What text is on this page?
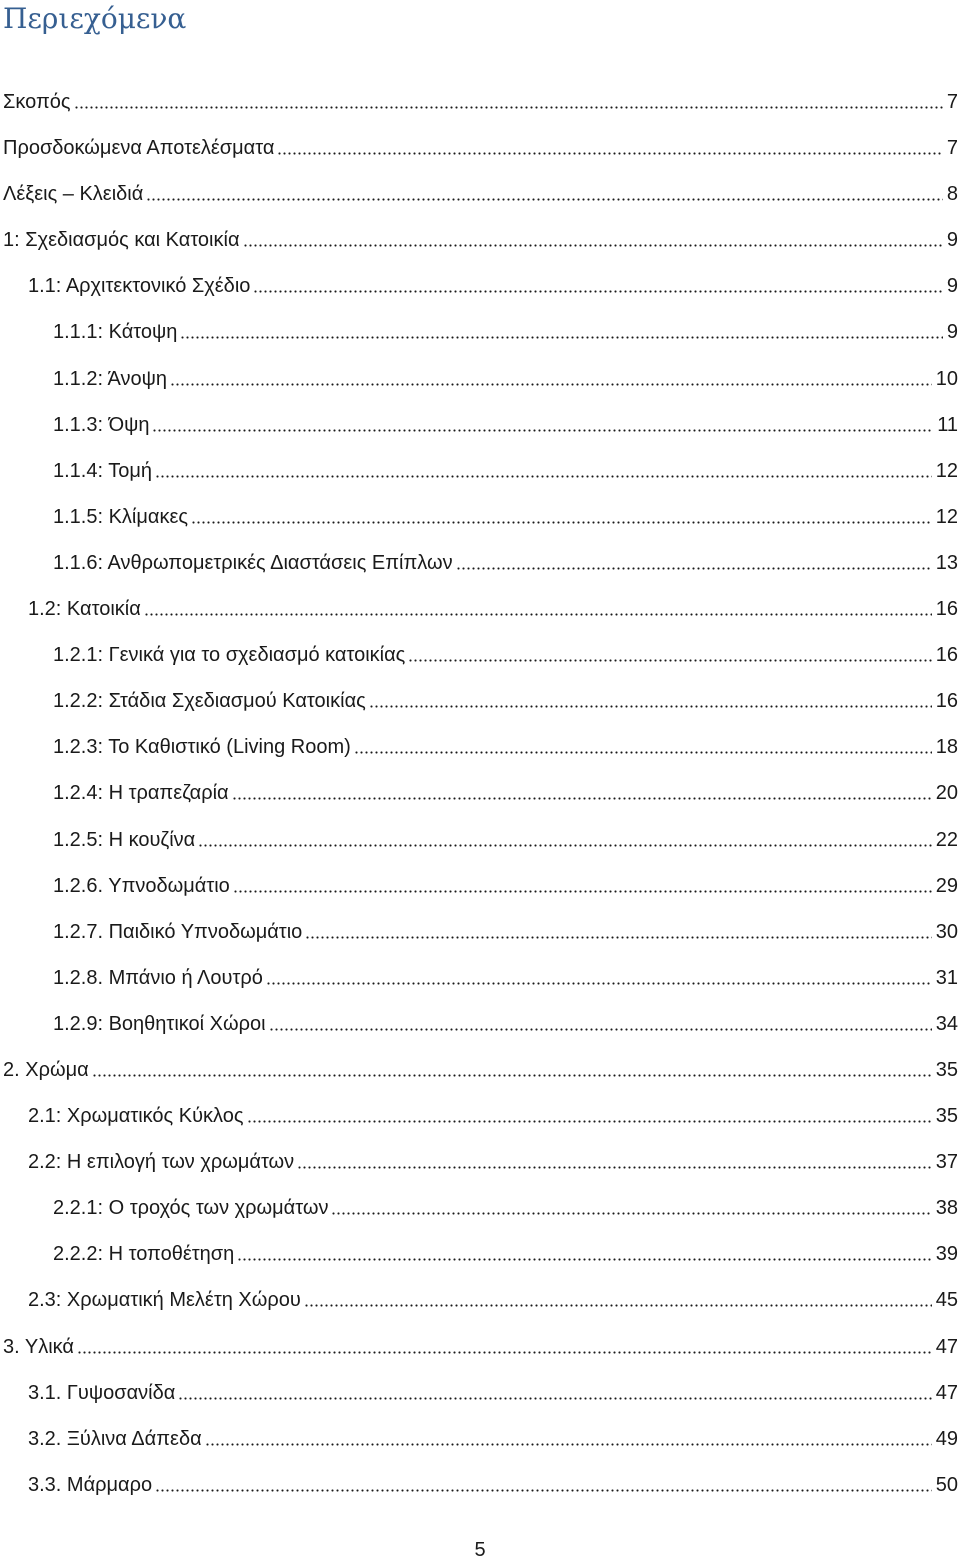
Περιεχόμενα
Σκοπός	7
Προσδοκώμενα Αποτελέσματα	7
Λέξεις – Κλειδιά	8
1: Σχεδιασμός και Κατοικία	9
1.1: Αρχιτεκτονικό Σχέδιο	9
1.1.1: Κάτοψη	9
1.1.2: Άνοψη	10
1.1.3: Όψη	11
1.1.4: Τομή	12
1.1.5: Κλίμακες	12
1.1.6: Ανθρωπομετρικές Διαστάσεις Επίπλων	13
1.2: Κατοικία	16
1.2.1: Γενικά για το σχεδιασμό κατοικίας	16
1.2.2: Στάδια Σχεδιασμού Κατοικίας	16
1.2.3: Το Καθιστικό (Living Room)	18
1.2.4: Η τραπεζαρία	20
1.2.5: Η κουζίνα	22
1.2.6. Υπνοδωμάτιο	29
1.2.7. Παιδικό Υπνοδωμάτιο	30
1.2.8. Μπάνιο ή Λουτρό	31
1.2.9: Βοηθητικοί Χώροι	34
2. Χρώμα	35
2.1: Χρωματικός Κύκλος	35
2.2: Η επιλογή των χρωμάτων	37
2.2.1: Ο τροχός των χρωμάτων	38
2.2.2: Η τοποθέτηση	39
2.3: Χρωματική Μελέτη Χώρου	45
3. Υλικά	47
3.1. Γυψοσανίδα	47
3.2. Ξύλινα Δάπεδα	49
3.3. Μάρμαρο	50
5
